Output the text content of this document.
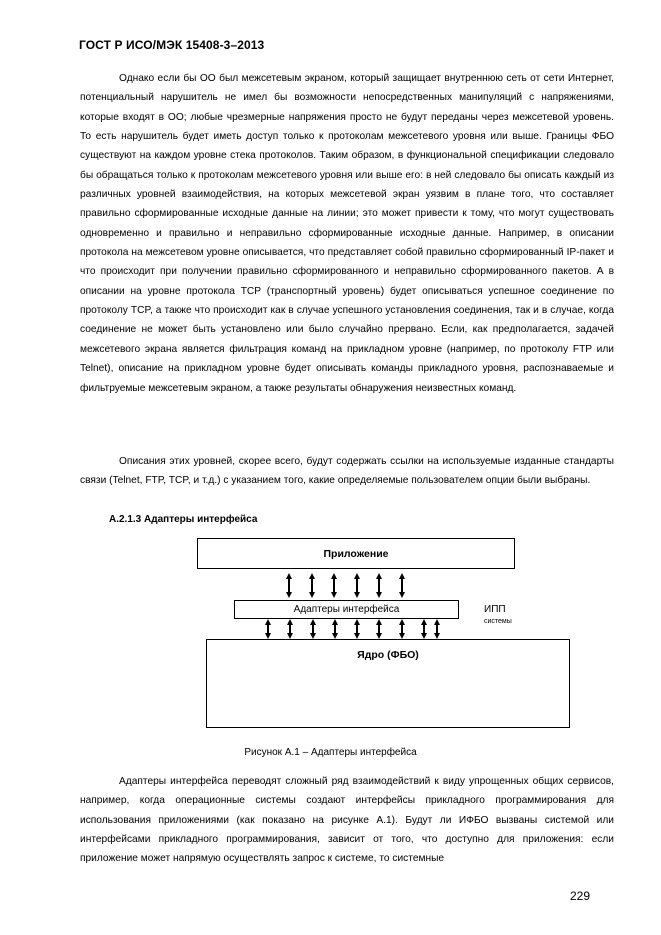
ГОСТ Р ИСО/МЭК 15408-3–2013

Однако если бы ОО был межсетевым экраном, который защищает внутреннюю сеть от сети Интернет, потенциальный нарушитель не имел бы возможности непосредственных манипуляций с напряжениями, которые входят в ОО; любые чрезмерные напряжения просто не будут переданы через межсетевой уровень. То есть нарушитель будет иметь доступ только к протоколам межсетевого уровня или выше. Границы ФБО существуют на каждом уровне стека протоколов. Таким образом, в функциональной спецификации следовало бы обращаться только к протоколам межсетевого уровня или выше его: в ней следовало бы описать каждый из различных уровней взаимодействия, на которых межсетевой экран уязвим в плане того, что составляет правильно сформированные исходные данные на линии; это может привести к тому, что могут существовать одновременно и правильно и неправильно сформированные исходные данные. Например, в описании протокола на межсетевом уровне описывается, что представляет собой правильно сформированный IP-пакет и что происходит при получении правильно сформированного и неправильно сформированного пакетов. А в описании на уровне протокола TCP (транспортный уровень) будет описываться успешное соединение по протоколу TCP, а также что происходит как в случае успешного установления соединения, так и в случае, когда соединение не может быть установлено или было случайно прервано. Если, как предполагается, задачей межсетевого экрана является фильтрация команд на прикладном уровне (например, по протоколу FTP или Telnet), описание на прикладном уровне будет описывать команды прикладного уровня, распознаваемые и фильтруемые межсетевым экраном, а также результаты обнаружения неизвестных команд.

Описания этих уровней, скорее всего, будут содержать ссылки на используемые изданные стандарты связи (Telnet, FTP, TCP, и т.д.) с указанием того, какие определяемые пользователем опции были выбраны.

А.2.1.3 Адаптеры интерфейса
Приложение
Адаптеры интерфейса
Ядро (ФБО)
ИПП
системы
Рисунок А.1 – Адаптеры интерфейса

Адаптеры интерфейса переводят сложный ряд взаимодействий к виду упрощенных общих сервисов, например, когда операционные системы создают интерфейсы прикладного программирования для использования приложениями (как показано на рисунке А.1). Будут ли ИФБО вызваны системой или интерфейсами прикладного программирования, зависит от того, что доступно для приложения: если приложение может напрямую осуществлять запрос к системе, то системные

229
